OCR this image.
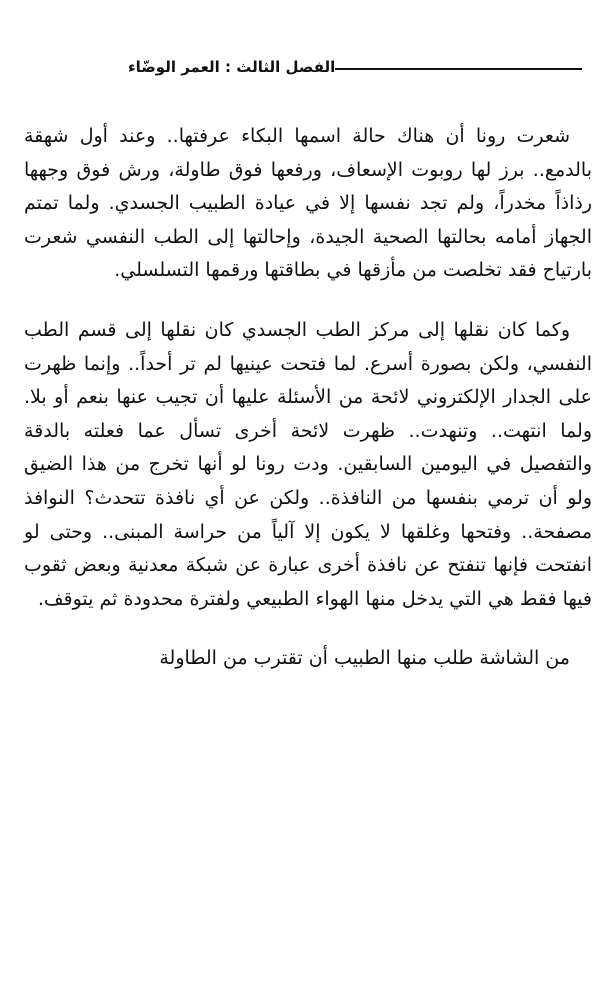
الفصل الثالث : العمر الوضّاء

شعرت رونا أن هناك حالة اسمها البكاء عرفتها.. وعند أول شهقة بالدمع.. برز لها روبوت الإسعاف، ورفعها فوق طاولة، ورش فوق وجهها رذاذاً مخدراً، ولم تجد نفسها إلا في عيادة الطبيب الجسدي. ولما تمتم الجهاز أمامه بحالتها الصحية الجيدة، وإحالتها إلى الطب النفسي شعرت بارتياح فقد تخلصت من مأزقها في بطاقتها ورقمها التسلسلي.

وكما كان نقلها إلى مركز الطب الجسدي كان نقلها إلى قسم الطب النفسي، ولكن بصورة أسرع. لما فتحت عينيها لم تر أحداً.. وإنما ظهرت على الجدار الإلكتروني لائحة من الأسئلة عليها أن تجيب عنها بنعم أو بلا. ولما انتهت.. وتنهدت.. ظهرت لائحة أخرى تسأل عما فعلته بالدقة والتفصيل في اليومين السابقين. ودت رونا لو أنها تخرج من هذا الضيق ولو أن ترمي بنفسها من النافذة.. ولكن عن أي نافذة تتحدث؟ النوافذ مصفحة.. وفتحها وغلقها لا يكون إلا آلياً من حراسة المبنى.. وحتى لو انفتحت فإنها تنفتح عن نافذة أخرى عبارة عن شبكة معدنية وبعض ثقوب فيها فقط هي التي يدخل منها الهواء الطبيعي ولفترة محدودة ثم يتوقف.

من الشاشة طلب منها الطبيب أن تقترب من الطاولة
